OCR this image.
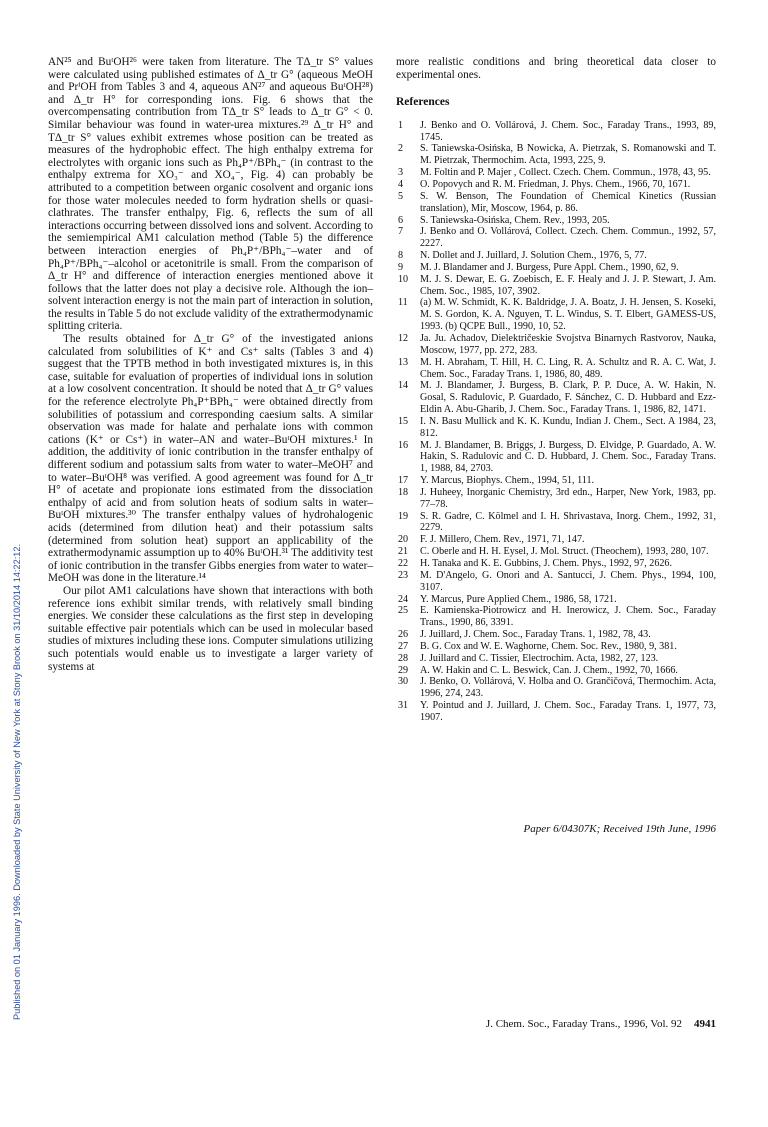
Published on 01 January 1996. Downloaded by State University of New York at Stony Brook on 31/10/2014 14:22:12.

AN²⁵ and BuᵗOH²⁶ were taken from literature. The TΔ_tr S° values were calculated using published estimates of Δ_tr G° (aqueous MeOH and PrⁱOH from Tables 3 and 4, aqueous AN²⁷ and aqueous BuᵗOH²⁸) and Δ_tr H° for corresponding ions. Fig. 6 shows that the overcompensating contribution from TΔ_tr S° leads to Δ_tr G° < 0. Similar behaviour was found in water-urea mixtures.²⁹ Δ_tr H° and TΔ_tr S° values exhibit extremes whose position can be treated as measures of the hydrophobic effect. The high enthalpy extrema for electrolytes with organic ions such as Ph₄P⁺/BPh₄⁻ (in contrast to the enthalpy extrema for XO₃⁻ and XO₄⁻, Fig. 4) can probably be attributed to a competition between organic cosolvent and organic ions for those water molecules needed to form hydration shells or quasi-clathrates. The transfer enthalpy, Fig. 6, reflects the sum of all interactions occurring between dissolved ions and solvent. According to the semiempirical AM1 calculation method (Table 5) the difference between interaction energies of Ph₄P⁺/BPh₄⁻–water and of Ph₄P⁺/BPh₄⁻–alcohol or acetonitrile is small. From the comparison of Δ_tr H° and difference of interaction energies mentioned above it follows that the latter does not play a decisive role. Although the ion–solvent interaction energy is not the main part of interaction in solution, the results in Table 5 do not exclude validity of the extrathermodynamic splitting criteria.

The results obtained for Δ_tr G° of the investigated anions calculated from solubilities of K⁺ and Cs⁺ salts (Tables 3 and 4) suggest that the TPTB method in both investigated mixtures is, in this case, suitable for evaluation of properties of individual ions in solution at a low cosolvent concentration. It should be noted that Δ_tr G° values for the reference electrolyte Ph₄P⁺BPh₄⁻ were obtained directly from solubilities of potassium and corresponding caesium salts. A similar observation was made for halate and perhalate ions with common cations (K⁺ or Cs⁺) in water–AN and water–BuᵗOH mixtures.¹ In addition, the additivity of ionic contribution in the transfer enthalpy of different sodium and potassium salts from water to water–MeOH⁷ and to water–BuᵗOH⁸ was verified. A good agreement was found for Δ_tr H° of acetate and propionate ions estimated from the dissociation enthalpy of acid and from solution heats of sodium salts in water–BuᵗOH mixtures.³⁰ The transfer enthalpy values of hydrohalogenic acids (determined from dilution heat) and their potassium salts (determined from solution heat) support an applicability of the extrathermodynamic assumption up to 40% BuᵗOH.³¹ The additivity test of ionic contribution in the transfer Gibbs energies from water to water–MeOH was done in the literature.¹⁴

Our pilot AM1 calculations have shown that interactions with both reference ions exhibit similar trends, with relatively small binding energies. We consider these calculations as the first step in developing suitable effective pair potentials which can be used in molecular based studies of mixtures including these ions. Computer simulations utilizing such potentials would enable us to investigate a larger variety of systems at

more realistic conditions and bring theoretical data closer to experimental ones.

References
1	J. Benko and O. Vollárová, J. Chem. Soc., Faraday Trans., 1993, 89, 1745.
2	S. Taniewska-Osińska, B Nowicka, A. Pietrzak, S. Romanowski and T. M. Pietrzak, Thermochim. Acta, 1993, 225, 9.
3	M. Foltin and P. Majer , Collect. Czech. Chem. Commun., 1978, 43, 95.
4	O. Popovych and R. M. Friedman, J. Phys. Chem., 1966, 70, 1671.
5	S. W. Benson, The Foundation of Chemical Kinetics (Russian translation), Mir, Moscow, 1964, p. 86.
6	S. Taniewska-Osińska, Chem. Rev., 1993, 205.
7	J. Benko and O. Vollárová, Collect. Czech. Chem. Commun., 1992, 57, 2227.
8	N. Dollet and J. Juillard, J. Solution Chem., 1976, 5, 77.
9	M. J. Blandamer and J. Burgess, Pure Appl. Chem., 1990, 62, 9.
10	M. J. S. Dewar, E. G. Zoebisch, E. F. Healy and J. J. P. Stewart, J. Am. Chem. Soc., 1985, 107, 3902.
11	(a) M. W. Schmidt, K. K. Baldridge, J. A. Boatz, J. H. Jensen, S. Koseki, M. S. Gordon, K. A. Nguyen, T. L. Windus, S. T. Elbert, GAMESS-US, 1993. (b) QCPE Bull., 1990, 10, 52.
12	Ja. Ju. Achadov, Dielektričeskie Svojstva Binarnych Rastvorov, Nauka, Moscow, 1977, pp. 272, 283.
13	M. H. Abraham, T. Hill, H. C. Ling, R. A. Schultz and R. A. C. Wat, J. Chem. Soc., Faraday Trans. 1, 1986, 80, 489.
14	M. J. Blandamer, J. Burgess, B. Clark, P. P. Duce, A. W. Hakin, N. Gosal, S. Radulovic, P. Guardado, F. Sánchez, C. D. Hubbard and Ezz-Eldin A. Abu-Gharib, J. Chem. Soc., Faraday Trans. 1, 1986, 82, 1471.
15	I. N. Basu Mullick and K. K. Kundu, Indian J. Chem., Sect. A 1984, 23, 812.
16	M. J. Blandamer, B. Briggs, J. Burgess, D. Elvidge, P. Guardado, A. W. Hakin, S. Radulovic and C. D. Hubbard, J. Chem. Soc., Faraday Trans. 1, 1988, 84, 2703.
17	Y. Marcus, Biophys. Chem., 1994, 51, 111.
18	J. Huheey, Inorganic Chemistry, 3rd edn., Harper, New York, 1983, pp. 77–78.
19	S. R. Gadre, C. Kölmel and I. H. Shrivastava, Inorg. Chem., 1992, 31, 2279.
20	F. J. Millero, Chem. Rev., 1971, 71, 147.
21	C. Oberle and H. H. Eysel, J. Mol. Struct. (Theochem), 1993, 280, 107.
22	H. Tanaka and K. E. Gubbins, J. Chem. Phys., 1992, 97, 2626.
23	M. D'Angelo, G. Onori and A. Santucci, J. Chem. Phys., 1994, 100, 3107.
24	Y. Marcus, Pure Applied Chem., 1986, 58, 1721.
25	E. Kamienska-Piotrowicz and H. Inerowicz, J. Chem. Soc., Faraday Trans., 1990, 86, 3391.
26	J. Juillard, J. Chem. Soc., Faraday Trans. 1, 1982, 78, 43.
27	B. G. Cox and W. E. Waghorne, Chem. Soc. Rev., 1980, 9, 381.
28	J. Juillard and C. Tissier, Electrochim. Acta, 1982, 27, 123.
29	A. W. Hakin and C. L. Beswick, Can. J. Chem., 1992, 70, 1666.
30	J. Benko, O. Vollárová, V. Holba and O. Grančičová, Thermochim. Acta, 1996, 274, 243.
31	Y. Pointud and J. Juillard, J. Chem. Soc., Faraday Trans. 1, 1977, 73, 1907.
Paper 6/04307K; Received 19th June, 1996
J. Chem. Soc., Faraday Trans., 1996, Vol. 92 4941
